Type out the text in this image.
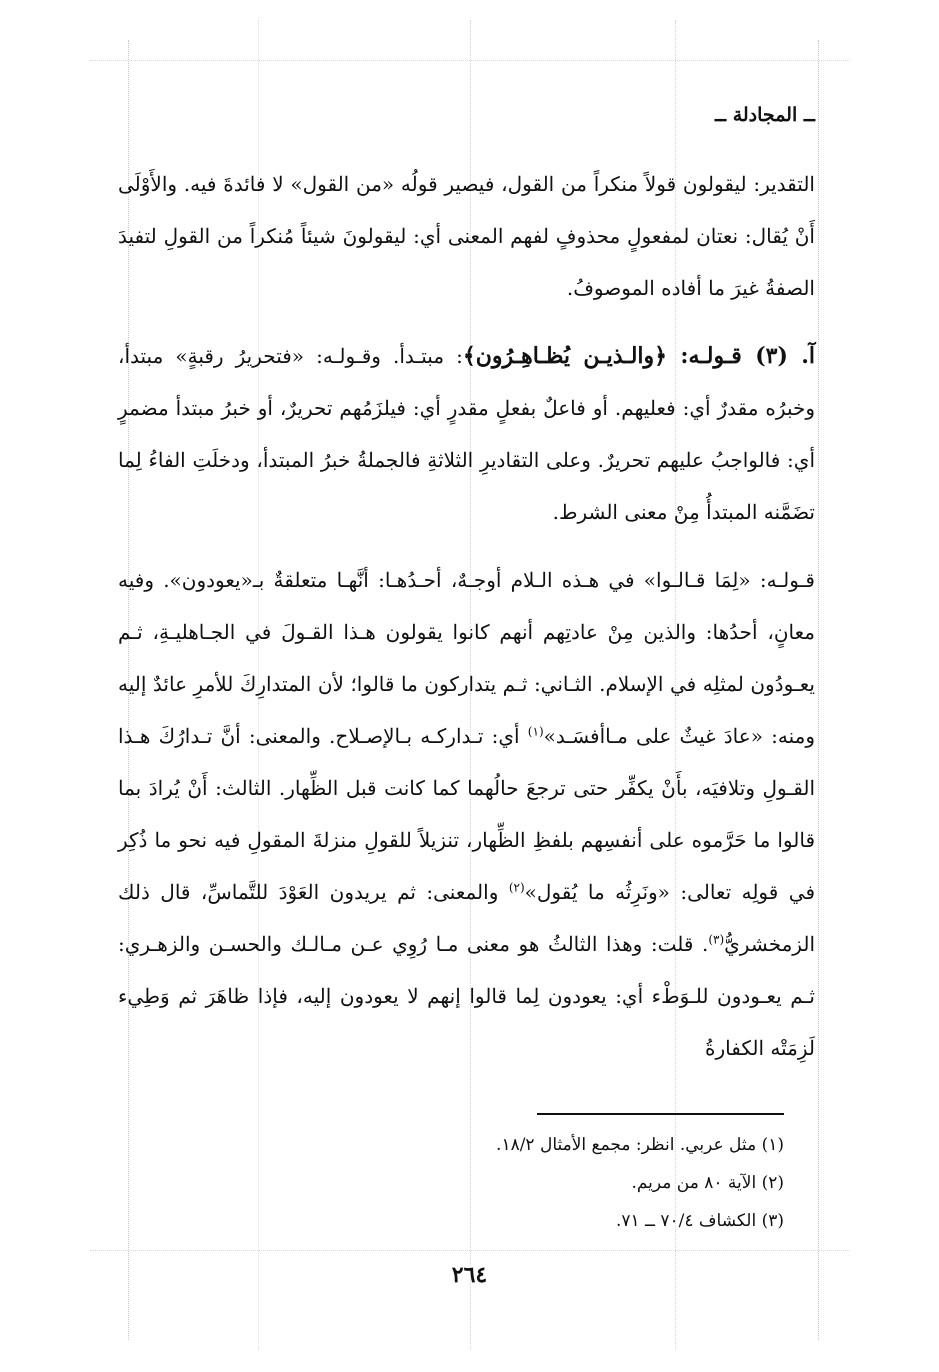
ــ المجادلة ــ

التقدير: ليقولون قولاً منكراً من القول، فيصير قولُه «من القول» لا فائدةَ فيه. والأَوْلَى أَنْ يُقال: نعتان لمفعولٍ محذوفٍ لفهم المعنى أي: ليقولونَ شيئاً مُنكراً من القولِ لتفيدَ الصفةُ غيرَ ما أفاده الموصوفُ.

آ. (٣) قـولـه: ﴿والـذيـن يُظـاهِـرُون﴾: مبتـدأ. وقـولـه: «فتحريرُ رقبةٍ» مبتدأ، وخبرُه مقدرٌ أي: فعليهم. أو فاعلٌ بفعلٍ مقدرٍ أي: فيلزَمُهم تحريرٌ، أو خبرُ مبتدأ مضمرٍ أي: فالواجبُ عليهم تحريرٌ. وعلى التقاديرِ الثلاثةِ فالجملةُ خبرُ المبتدأ، ودخلَتِ الفاءُ لِما تضَمَّنه المبتدأُ مِنْ معنى الشرط.

قـولـه: «لِمَا قـالـوا» في هـذه الـلام أوجـهٌ، أحـدُهـا: أنَّهـا متعلقةٌ بـ«يعودون». وفيه معانٍ، أحدُها: والذين مِنْ عادتِهم أنهم كانوا يقولون هـذا القـولَ في الجـاهليـةِ، ثـم يعـودُون لمثلِه في الإسلام. الثـاني: ثـم يتداركون ما قالوا؛ لأن المتدارِكَ للأمرِ عائدٌ إليه ومنه: «عادَ غيثٌ على مـاأفسَـد»$^{(١)}$ أي: تـداركـه بـالإصـلاح. والمعنى: أنَّ تـدارُكَ هـذا القـولِ وتلافيَه، بأَنْ يكفِّر حتى ترجعَ حالُهما كما كانت قبل الظِّهار. الثالث: أَنْ يُرادَ بما قالوا ما حَرَّموه على أنفسِهم بلفظِ الظِّهار، تنزيلاً للقولِ منزلةَ المقولِ فيه نحو ما ذُكِر في قولِه تعالى: «ونَرِثُه ما يُقول»$^{(٢)}$ والمعنى: ثم يريدون العَوْدَ للتَّماسِّ، قال ذلك الزمخشريُّ$^{(٣)}$. قلت: وهذا الثالثُ هو معنى مـا رُوِي عـن مـالـك والحسـن والزهـري: ثـم يعـودون للـوَطْء أي: يعودون لِما قالوا إنهم لا يعودون إليه، فإذا ظاهَرَ ثم وَطِيء لَزِمَتْه الكفارةُ

(١) مثل عربي. انظر: مجمع الأمثال ١٨/٢.
(٢) الآية ٨٠ من مريم.
(٣) الكشاف ٧٠/٤ ــ ٧١.
٢٦٤
